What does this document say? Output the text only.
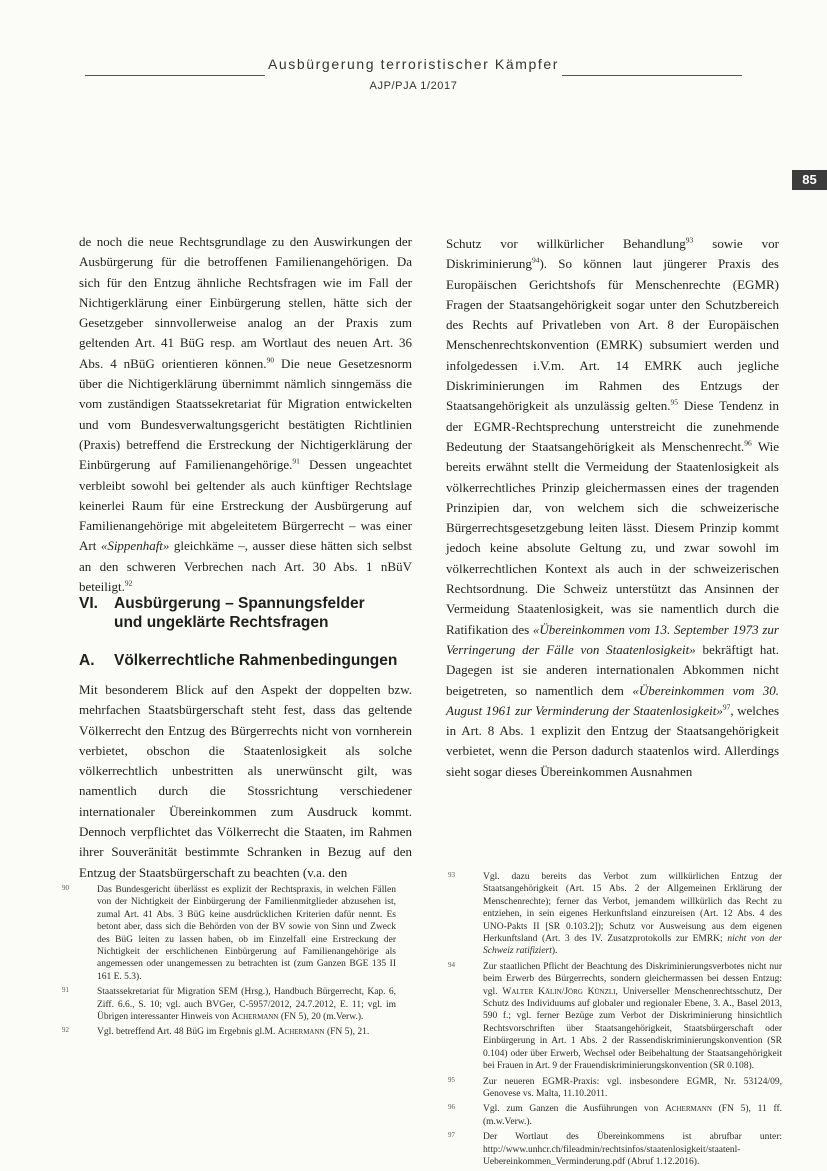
Ausbürgerung terroristischer Kämpfer
AJP/PJA 1/2017
85

de noch die neue Rechtsgrundlage zu den Auswirkungen der Ausbürgerung für die betroffenen Familienangehörigen. Da sich für den Entzug ähnliche Rechtsfragen wie im Fall der Nichtigerklärung einer Einbürgerung stellen, hätte sich der Gesetzgeber sinnvollerweise analog an der Praxis zum geltenden Art. 41 BüG resp. am Wortlaut des neuen Art. 36 Abs. 4 nBüG orientieren können.$^{90}$ Die neue Gesetzesnorm über die Nichtigerklärung übernimmt nämlich sinngemäss die vom zuständigen Staatssekretariat für Migration entwickelten und vom Bundesverwaltungsgericht bestätigten Richtlinien (Praxis) betreffend die Erstreckung der Nichtigerklärung der Einbürgerung auf Familienangehörige.$^{91}$ Dessen ungeachtet verbleibt sowohl bei geltender als auch künftiger Rechtslage keinerlei Raum für eine Erstreckung der Ausbürgerung auf Familienangehörige mit abgeleitetem Bürgerrecht – was einer Art «Sippenhaft» gleichkäme –, ausser diese hätten sich selbst an den schweren Verbrechen nach Art. 30 Abs. 1 nBüV beteiligt.$^{92}$

VI. Ausbürgerung – Spannungsfelder
und ungeklärte Rechtsfragen
A. Völkerrechtliche Rahmenbedingungen

Mit besonderem Blick auf den Aspekt der doppelten bzw. mehrfachen Staatsbürgerschaft steht fest, dass das geltende Völkerrecht den Entzug des Bürgerrechts nicht von vornherein verbietet, obschon die Staatenlosigkeit als solche völkerrechtlich unbestritten als unerwünscht gilt, was namentlich durch die Stossrichtung verschiedener internationaler Übereinkommen zum Ausdruck kommt. Dennoch verpflichtet das Völkerrecht die Staaten, im Rahmen ihrer Souveränität bestimmte Schranken in Bezug auf den Entzug der Staatsbürgerschaft zu beachten (v.a. den

Schutz vor willkürlicher Behandlung$^{93}$ sowie vor Diskriminierung$^{94}$). So können laut jüngerer Praxis des Europäischen Gerichtshofs für Menschenrechte (EGMR) Fragen der Staatsangehörigkeit sogar unter den Schutzbereich des Rechts auf Privatleben von Art. 8 der Europäischen Menschenrechtskonvention (EMRK) subsumiert werden und infolgedessen i.V.m. Art. 14 EMRK auch jegliche Diskriminierungen im Rahmen des Entzugs der Staatsangehörigkeit als unzulässig gelten.$^{95}$ Diese Tendenz in der EGMR-Rechtsprechung unterstreicht die zunehmende Bedeutung der Staatsangehörigkeit als Menschenrecht.$^{96}$ Wie bereits erwähnt stellt die Vermeidung der Staatenlosigkeit als völkerrechtliches Prinzip gleichermassen eines der tragenden Prinzipien dar, von welchem sich die schweizerische Bürgerrechtsgesetzgebung leiten lässt. Diesem Prinzip kommt jedoch keine absolute Geltung zu, und zwar sowohl im völkerrechtlichen Kontext als auch in der schweizerischen Rechtsordnung. Die Schweiz unterstützt das Ansinnen der Vermeidung Staatenlosigkeit, was sie namentlich durch die Ratifikation des «Übereinkommen vom 13. September 1973 zur Verringerung der Fälle von Staatenlosigkeit» bekräftigt hat. Dagegen ist sie anderen internationalen Abkommen nicht beigetreten, so namentlich dem «Übereinkommen vom 30. August 1961 zur Verminderung der Staatenlosigkeit»$^{97}$, welches in Art. 8 Abs. 1 explizit den Entzug der Staatsangehörigkeit verbietet, wenn die Person dadurch staatenlos wird. Allerdings sieht sogar dieses Übereinkommen Ausnahmen

90	Das Bundesgericht überlässt es explizit der Rechtspraxis, in welchen Fällen von der Nichtigkeit der Einbürgerung der Familienmitglieder abzusehen ist, zumal Art. 41 Abs. 3 BüG keine ausdrücklichen Kriterien dafür nennt. Es betont aber, dass sich die Behörden von der BV sowie von Sinn und Zweck des BüG leiten zu lassen haben, ob im Einzelfall eine Erstreckung der Nichtigkeit der erschlichenen Einbürgerung auf Familienangehörige als angemessen oder unangemessen zu betrachten ist (zum Ganzen BGE 135 II 161 E. 5.3).
91	Staatssekretariat für Migration SEM (Hrsg.), Handbuch Bürgerrecht, Kap. 6, Ziff. 6.6., S. 10; vgl. auch BVGer, C-5957/2012, 24.7.2012, E. 11; vgl. im Übrigen interessanter Hinweis von Achermann (FN 5), 20 (m.Verw.).
92	Vgl. betreffend Art. 48 BüG im Ergebnis gl.M. Achermann (FN 5), 21.
93	Vgl. dazu bereits das Verbot zum willkürlichen Entzug der Staatsangehörigkeit (Art. 15 Abs. 2 der Allgemeinen Erklärung der Menschenrechte); ferner das Verbot, jemandem willkürlich das Recht zu entziehen, in sein eigenes Herkunftsland einzureisen (Art. 12 Abs. 4 des UNO-Pakts II [SR 0.103.2]); Schutz vor Ausweisung aus dem eigenen Herkunftsland (Art. 3 des IV. Zusatzprotokolls zur EMRK; nicht von der Schweiz ratifiziert).
94	Zur staatlichen Pflicht der Beachtung des Diskriminierungsverbotes nicht nur beim Erwerb des Bürgerrechts, sondern gleichermassen bei dessen Entzug: vgl. Walter Kälin/Jörg Künzli, Universeller Menschenrechtsschutz, Der Schutz des Individuums auf globaler und regionaler Ebene, 3. A., Basel 2013, 590 f.; vgl. ferner Bezüge zum Verbot der Diskriminierung hinsichtlich Rechtsvorschriften über Staatsangehörigkeit, Staatsbürgerschaft oder Einbürgerung in Art. 1 Abs. 2 der Rassendiskriminierungskonvention (SR 0.104) oder über Erwerb, Wechsel oder Beibehaltung der Staatsangehörigkeit bei Frauen in Art. 9 der Frauendiskriminierungskonvention (SR 0.108).
95	Zur neueren EGMR-Praxis: vgl. insbesondere EGMR, Nr. 53124/09, Genovese vs. Malta, 11.10.2011.
96	Vgl. zum Ganzen die Ausführungen von Achermann (FN 5), 11 ff. (m.w.Verw.).
97	Der Wortlaut des Übereinkommens ist abrufbar unter: http://www.unhcr.ch/fileadmin/rechtsinfos/staatenlosigkeit/staatenl-Uebereinkommen_Verminderung.pdf (Abruf 1.12.2016).
